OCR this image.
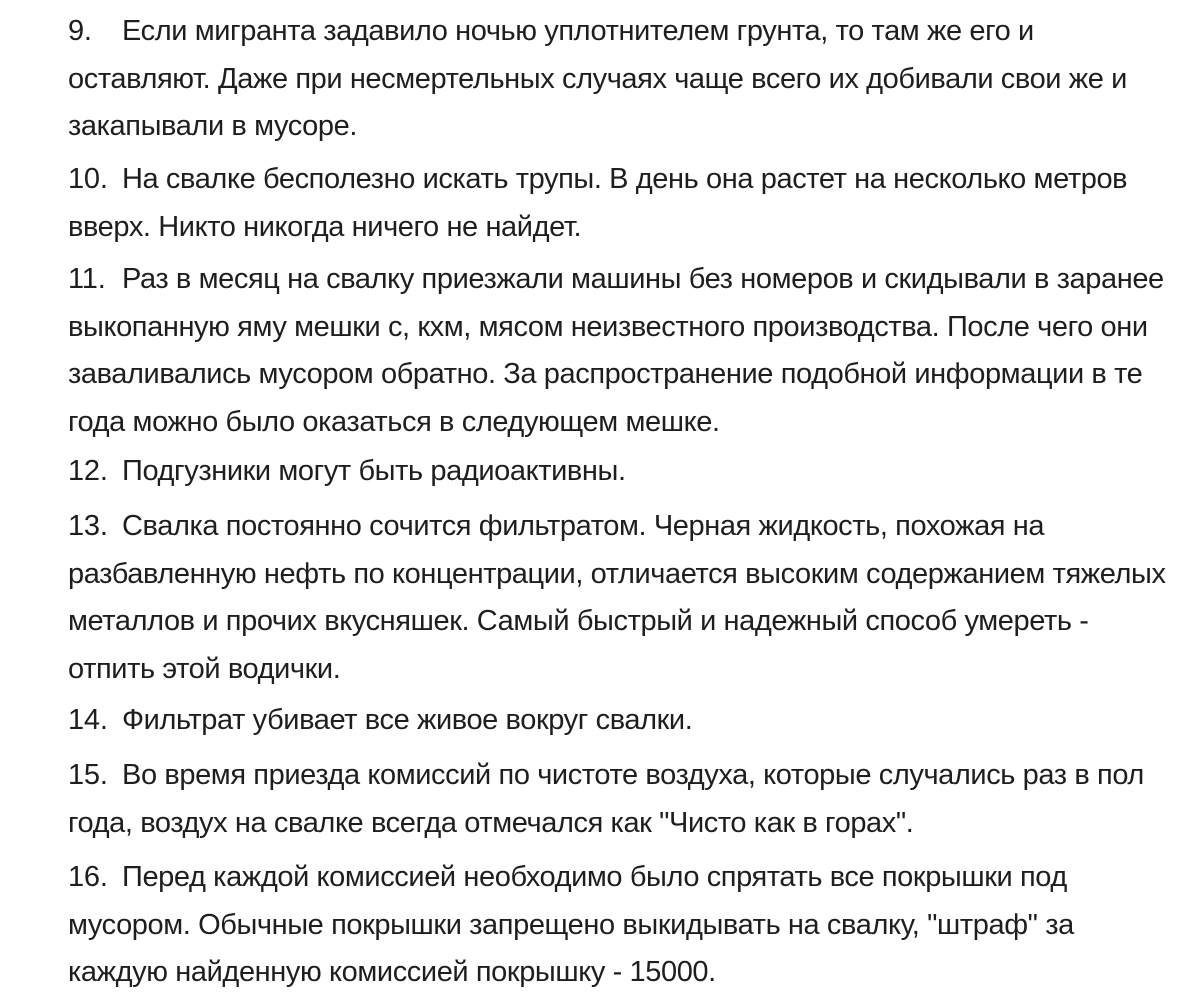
9. Если мигранта задавило ночью уплотнителем грунта, то там же его и оставляют. Даже при несмертельных случаях чаще всего их добивали свои же и закапывали в мусоре.

10. На свалке бесполезно искать трупы. В день она растет на несколько метров вверх. Никто никогда ничего не найдет.

11. Раз в месяц на свалку приезжали машины без номеров и скидывали в заранее выкопанную яму мешки с, кхм, мясом неизвестного производства. После чего они заваливались мусором обратно. За распространение подобной информации в те года можно было оказаться в следующем мешке.

12. Подгузники могут быть радиоактивны.

13. Свалка постоянно сочится фильтратом. Черная жидкость, похожая на разбавленную нефть по концентрации, отличается высоким содержанием тяжелых металлов и прочих вкусняшек. Самый быстрый и надежный способ умереть - отпить этой водички.

14. Фильтрат убивает все живое вокруг свалки.

15. Во время приезда комиссий по чистоте воздуха, которые случались раз в пол года, воздух на свалке всегда отмечался как "Чисто как в горах".

16. Перед каждой комиссией необходимо было спрятать все покрышки под мусором. Обычные покрышки запрещено выкидывать на свалку, "штраф" за каждую найденную комиссией покрышку - 15000.
